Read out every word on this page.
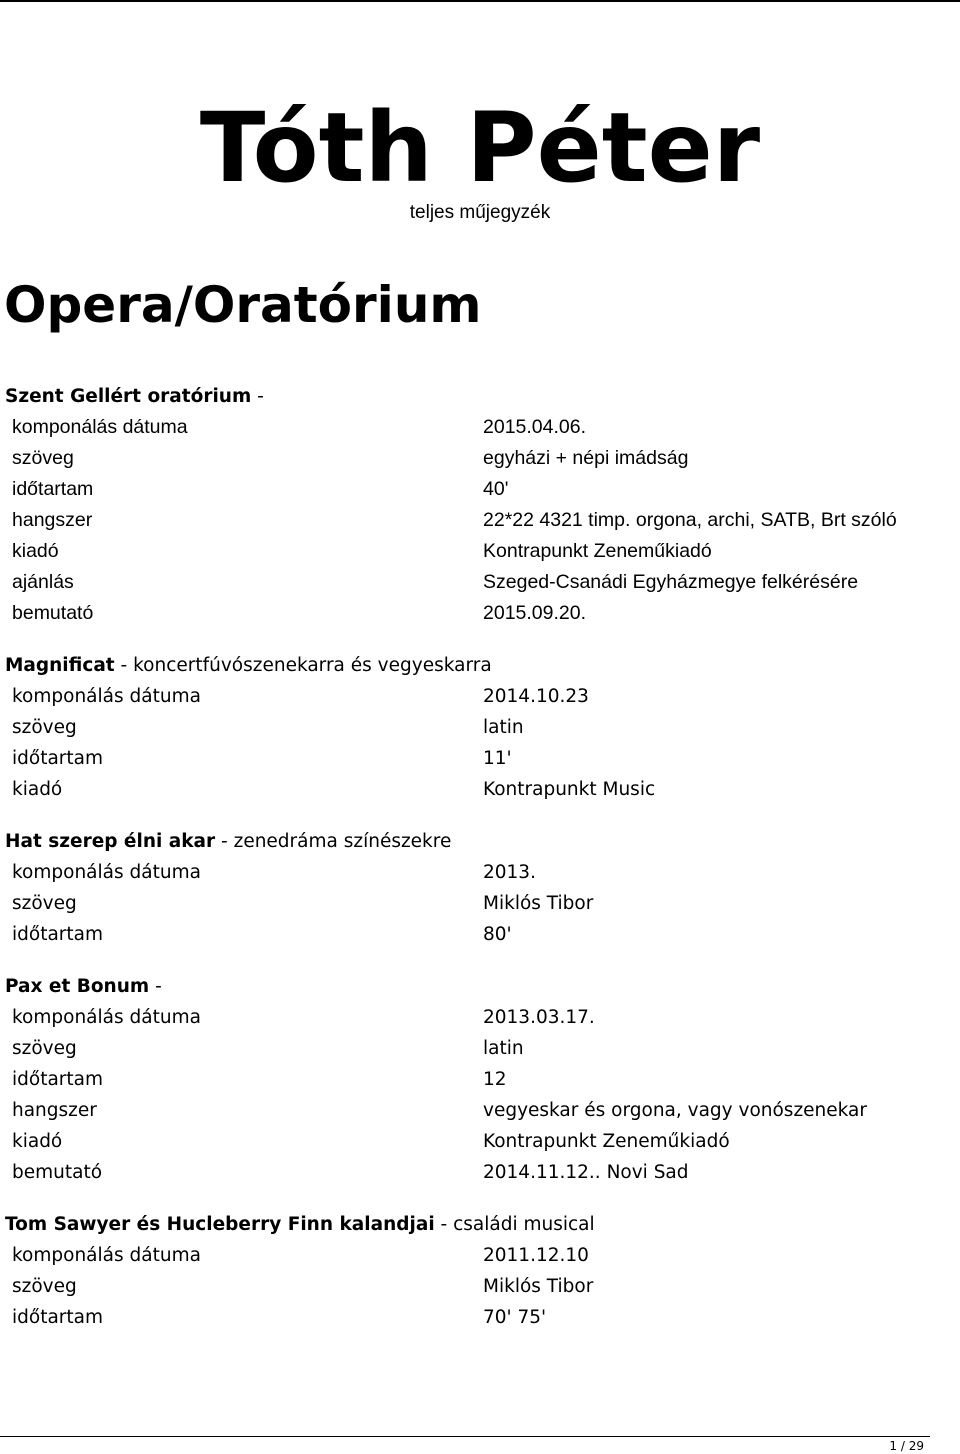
Tóth Péter
teljes műjegyzék
Opera/Oratórium
Szent Gellért oratórium -
komponálás dátuma	2015.04.06.
szöveg	egyházi + népi imádság
időtartam	40'
hangszer	22*22 4321 timp. orgona, archi, SATB, Brt szóló
kiadó	Kontrapunkt Zeneműkiadó
ajánlás	Szeged-Csanádi Egyházmegye felkérésére
bemutató	2015.09.20.
Magnificat - koncertfúvószenekarra és vegyeskarra
komponálás dátuma	2014.10.23
szöveg	latin
időtartam	11'
kiadó	Kontrapunkt Music
Hat szerep élni akar - zenedráma színészekre
komponálás dátuma	2013.
szöveg	Miklós Tibor
időtartam	80'
Pax et Bonum -
komponálás dátuma	2013.03.17.
szöveg	latin
időtartam	12
hangszer	vegyeskar és orgona, vagy vonószenekar
kiadó	Kontrapunkt Zeneműkiadó
bemutató	2014.11.12.. Novi Sad
Tom Sawyer és Hucleberry Finn kalandjai - családi musical
komponálás dátuma	2011.12.10
szöveg	Miklós Tibor
időtartam	70' 75'
1 / 29
